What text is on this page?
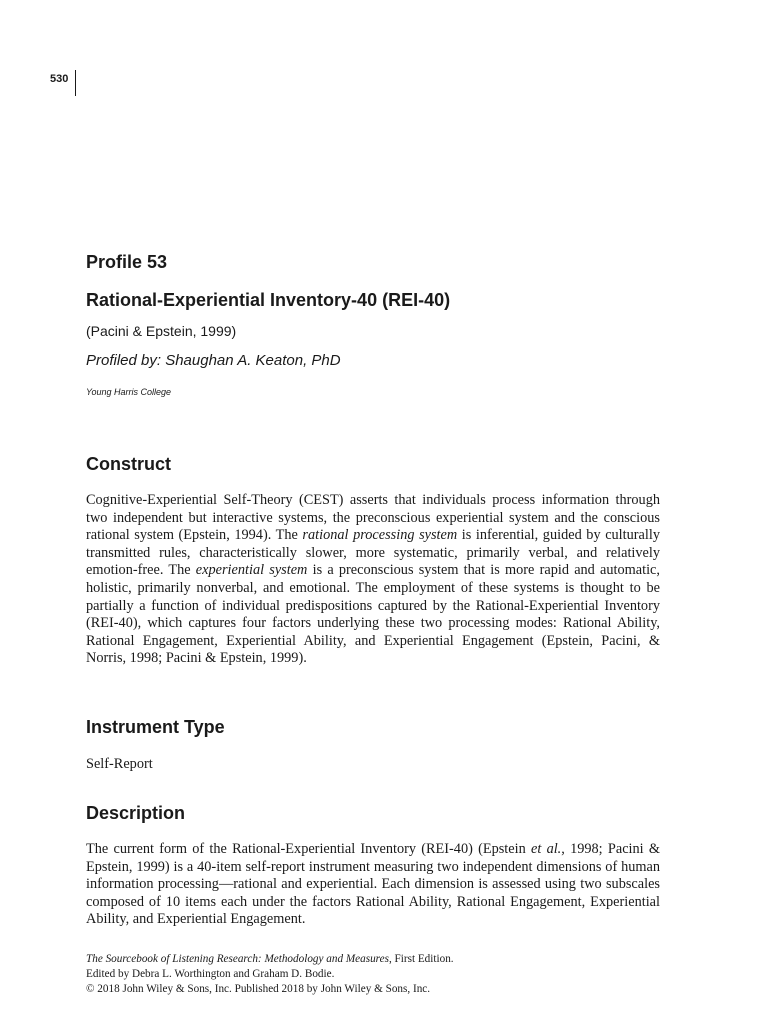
530
Profile 53
Rational-Experiential Inventory-40 (REI-40)
(Pacini & Epstein, 1999)
Profiled by: Shaughan A. Keaton, PhD
Young Harris College
Construct

Cognitive-Experiential Self-Theory (CEST) asserts that individuals process information through two independent but interactive systems, the preconscious experiential system and the conscious rational system (Epstein, 1994). The rational processing system is inferential, guided by culturally transmitted rules, characteristically slower, more systematic, primarily verbal, and relatively emotion-free. The experiential system is a preconscious system that is more rapid and automatic, holistic, primarily nonverbal, and emotional. The employment of these systems is thought to be partially a function of individual predispositions captured by the Rational-Experiential Inventory (REI-40), which captures four factors underlying these two processing modes: Rational Ability, Rational Engagement, Experiential Ability, and Experiential Engagement (Epstein, Pacini, & Norris, 1998; Pacini & Epstein, 1999).

Instrument Type

Self-Report

Description

The current form of the Rational-Experiential Inventory (REI-40) (Epstein et al., 1998; Pacini & Epstein, 1999) is a 40-item self-report instrument measuring two independent dimensions of human information processing—rational and experiential. Each dimension is assessed using two subscales composed of 10 items each under the factors Rational Ability, Rational Engagement, Experiential Ability, and Experiential Engagement.

The Sourcebook of Listening Research: Methodology and Measures, First Edition.
Edited by Debra L. Worthington and Graham D. Bodie.
© 2018 John Wiley & Sons, Inc. Published 2018 by John Wiley & Sons, Inc.
